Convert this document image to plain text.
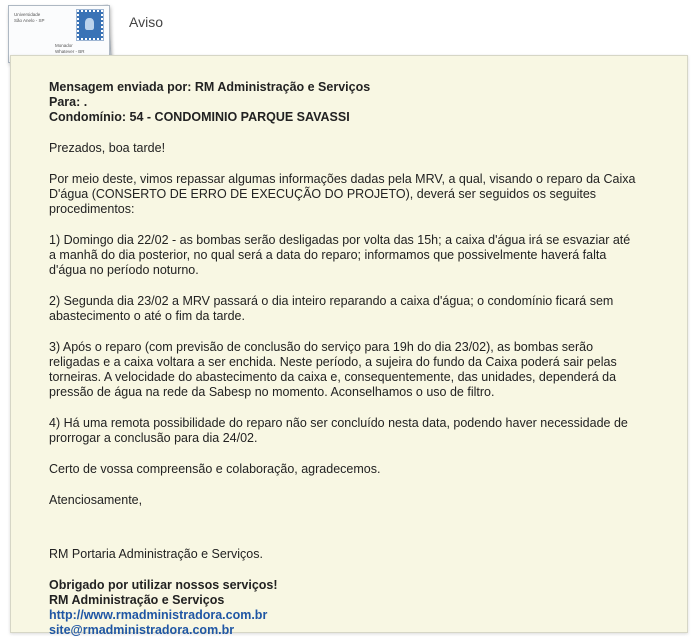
Universidade
São Anelo - SP
Monador
Whatever - BR
Aviso
Mensagem enviada por: RM Administração e Serviços
Para: .
Condomínio: 54 - CONDOMINIO PARQUE SAVASSI

Prezados, boa tarde!

Por meio deste, vimos repassar algumas informações dadas pela MRV, a qual, visando o reparo da Caixa D'água (CONSERTO DE ERRO DE EXECUÇÃO DO PROJETO), deverá ser seguidos os seguites procedimentos:

1) Domingo dia 22/02 - as bombas serão desligadas por volta das 15h; a caixa d'água irá se esvaziar até a manhã do dia posterior, no qual será a data do reparo; informamos que possivelmente haverá falta d'água no período noturno.

2) Segunda dia 23/02 a MRV passará o dia inteiro reparando a caixa d'água; o condomínio ficará sem abastecimento o até o fim da tarde.

3) Após o reparo (com previsão de conclusão do serviço para 19h do dia 23/02), as bombas serão religadas e a caixa voltara a ser enchida. Neste período, a sujeira do fundo da Caixa poderá sair pelas torneiras. A velocidade do abastecimento da caixa e, consequentemente, das unidades, dependerá da pressão de água na rede da Sabesp no momento. Aconselhamos o uso de filtro.

4) Há uma remota possibilidade do reparo não ser concluído nesta data, podendo haver necessidade de prorrogar a conclusão para dia 24/02.

Certo de vossa compreensão e colaboração, agradecemos.

Atenciosamente,

RM Portaria Administração e Serviços.

Obrigado por utilizar nossos serviços!
RM Administração e Serviços
http://www.rmadministradora.com.br
site@rmadministradora.com.br
